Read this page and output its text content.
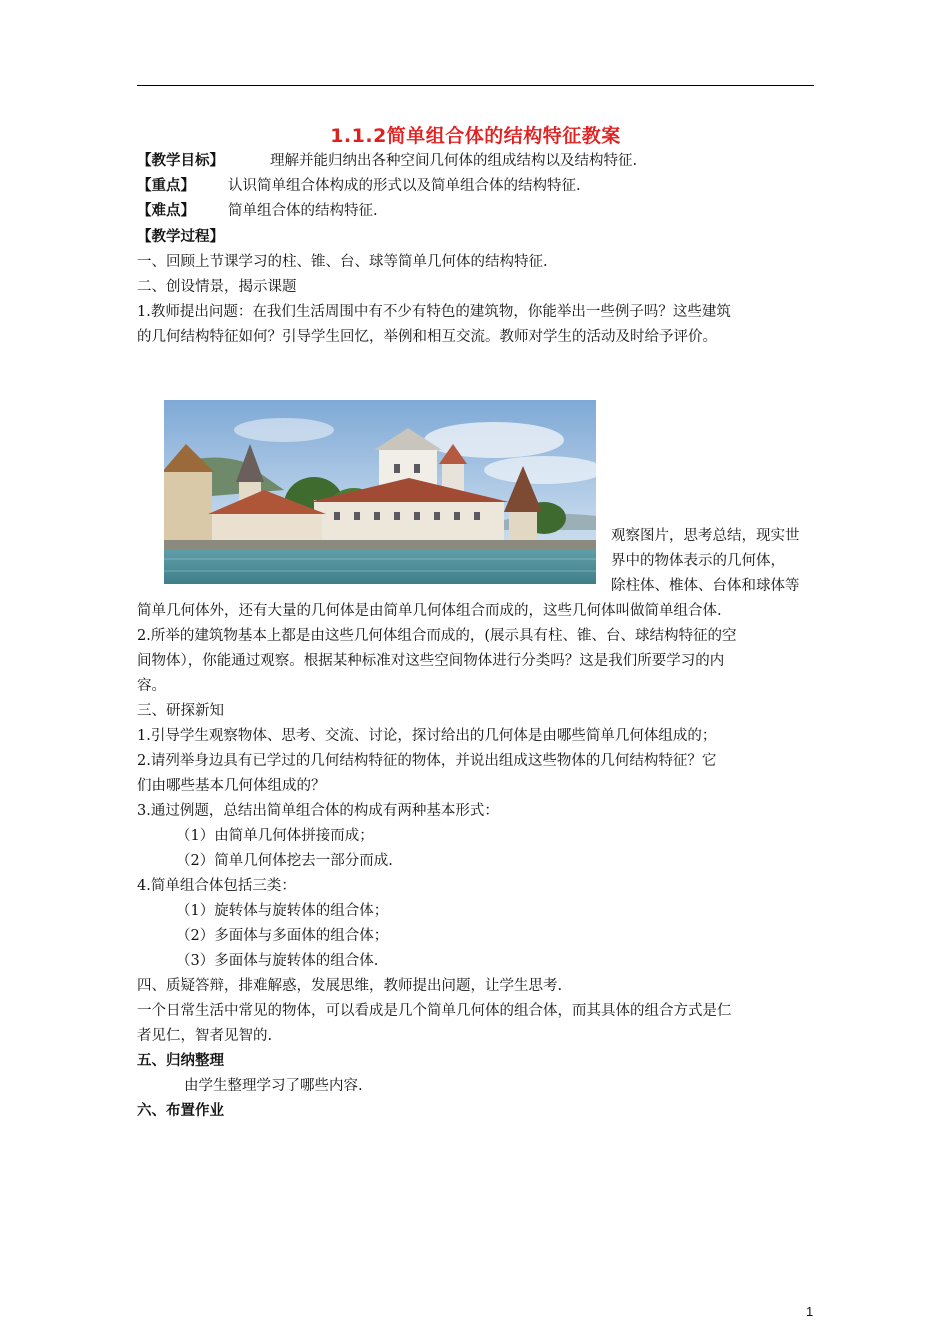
1.1.2简单组合体的结构特征教案
【教学目标】	理解并能归纳出各种空间几何体的组成结构以及结构特征.
【重点】 认识简单组合体构成的形式以及简单组合体的结构特征.
【难点】 简单组合体的结构特征.
【教学过程】
一、回顾上节课学习的柱、锥、台、球等简单几何体的结构特征.
二、创设情景，揭示课题
1.教师提出问题：在我们生活周围中有不少有特色的建筑物，你能举出一些例子吗？这些建筑
的几何结构特征如何？引导学生回忆，举例和相互交流。教师对学生的活动及时给予评价。
观察图片，思考总结，现实世
界中的物体表示的几何体，
除柱体、椎体、台体和球体等
简单几何体外，还有大量的几何体是由简单几何体组合而成的，这些几何体叫做简单组合体.
2.所举的建筑物基本上都是由这些几何体组合而成的，(展示具有柱、锥、台、球结构特征的空
间物体），你能通过观察。根据某种标准对这些空间物体进行分类吗？这是我们所要学习的内
容。
三、研探新知
1.引导学生观察物体、思考、交流、讨论，探讨给出的几何体是由哪些简单几何体组成的；
2.请列举身边具有已学过的几何结构特征的物体，并说出组成这些物体的几何结构特征？它
们由哪些基本几何体组成的？
3.通过例题，总结出简单组合体的构成有两种基本形式：
（1）由简单几何体拼接而成；
（2）简单几何体挖去一部分而成.
4.简单组合体包括三类：
（1）旋转体与旋转体的组合体；
（2）多面体与多面体的组合体；
（3）多面体与旋转体的组合体.
四、质疑答辩，排难解惑，发展思维，教师提出问题，让学生思考.
一个日常生活中常见的物体，可以看成是几个简单几何体的组合体，而其具体的组合方式是仁
者见仁，智者见智的.
五、归纳整理
由学生整理学习了哪些内容.
六、布置作业
1
